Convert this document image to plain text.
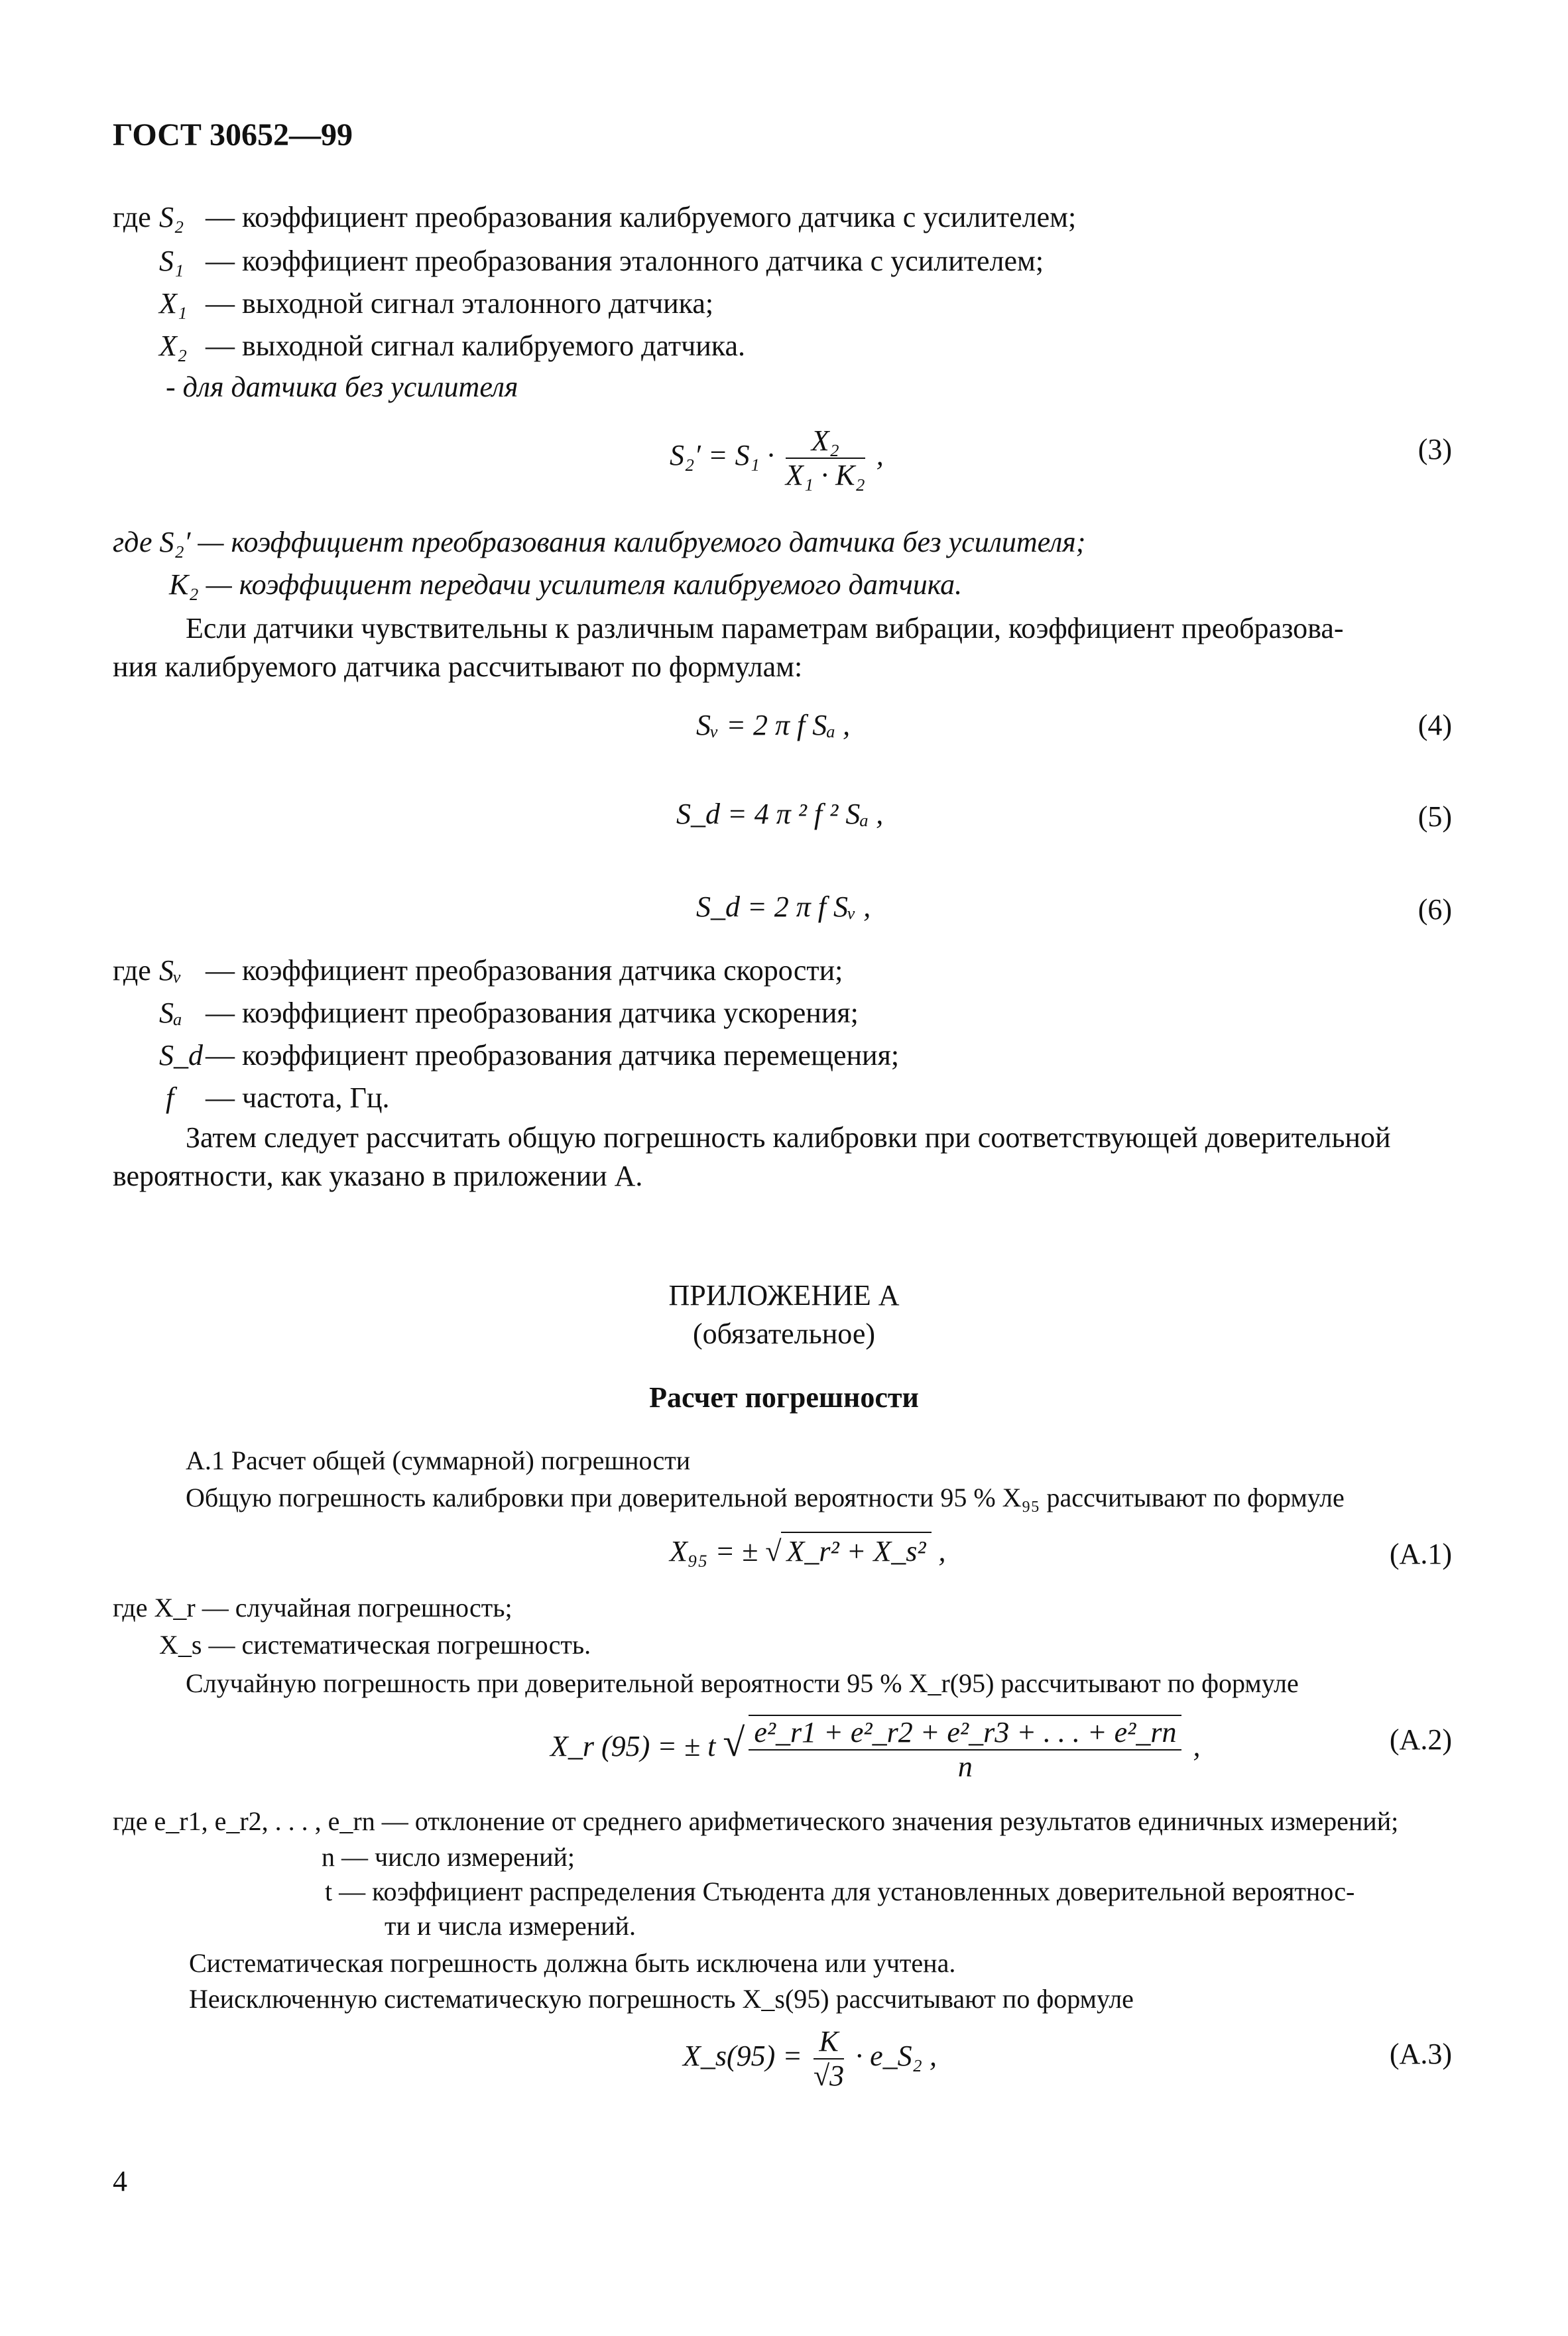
ГОСТ 30652—99
где S₂ — коэффициент преобразования калибруемого датчика с усилителем;
S₁ — коэффициент преобразования эталонного датчика с усилителем;
X₁ — выходной сигнал эталонного датчика;
X₂ — выходной сигнал калибруемого датчика.
- для датчика без усилителя
$S_2' = S_1 \cdot \frac{\text{X₂}}{\text{X₁ · K₂}}$ ,	(3)
где S₂′ — коэффициент преобразования калибруемого датчика без усилителя;
K₂ — коэффициент передачи усилителя калибруемого датчика.
Если датчики чувствительны к различным параметрам вибрации, коэффициент преобразова-
ния калибруемого датчика рассчитывают по формулам:
Sᵥ = 2 π f Sₐ ,	(4)
S_d = 4 π ² f ² Sₐ ,	(5)
S_d = 2 π f Sᵥ ,	(6)
где Sᵥ — коэффициент преобразования датчика скорости;
Sₐ — коэффициент преобразования датчика ускорения;
S_d — коэффициент преобразования датчика перемещения;
f — частота, Гц.
Затем следует рассчитать общую погрешность калибровки при соответствующей доверительной
вероятности, как указано в приложении А.
ПРИЛОЖЕНИЕ А
(обязательное)
Расчет погрешности
А.1 Расчет общей (суммарной) погрешности
Общую погрешность калибровки при доверительной вероятности 95 % X₉₅ рассчитывают по формуле
X₉₅ = ± √ X_r² + X_s² ,	(А.1)
где X_r — случайная погрешность;
X_s — систематическая погрешность.
Случайную погрешность при доверительной вероятности 95 % X_r(95) рассчитывают по формуле
X_r (95) = ± t √ $\frac{\text{e²\_r1 + e²\_r2 + e²\_r3 + . . . + e²\_rn}}{n}$ ,	(А.2)
где e_r1, e_r2, . . . , e_rn — отклонение от среднего арифметического значения результатов единичных измерений;
n — число измерений;
t — коэффициент распределения Стьюдента для установленных доверительной вероятнос-
ти и числа измерений.
Систематическая погрешность должна быть исключена или учтена.
Неисключенную систематическую погрешность X_s(95) рассчитывают по формуле
X_s(95) = $\frac{K}{√3}$ · e_S₂ ,	(А.3)
4
